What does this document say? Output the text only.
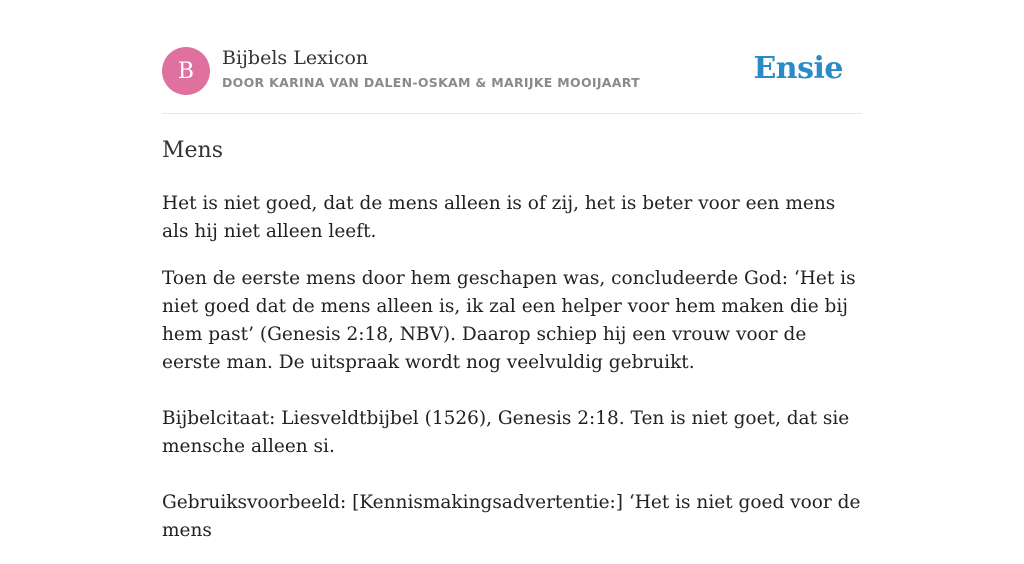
B
Bijbels Lexicon
DOOR KARINA VAN DALEN-OSKAM & MARIJKE MOOIJAART	Ensie
Mens

Het is niet goed, dat de mens alleen is of zij, het is beter voor een mens als hij niet alleen leeft.

Toen de eerste mens door hem geschapen was, concludeerde God: ‘Het is niet goed dat de mens alleen is, ik zal een helper voor hem maken die bij hem past’ (Genesis 2:18, NBV). Daarop schiep hij een vrouw voor de eerste man. De uitspraak wordt nog veelvuldig gebruikt.

Bijbelcitaat: Liesveldtbijbel (1526), Genesis 2:18. Ten is niet goet, dat sie mensche alleen si.

Gebruiksvoorbeeld: [Kennismakingsadvertentie:] ‘Het is niet goed voor de mens
